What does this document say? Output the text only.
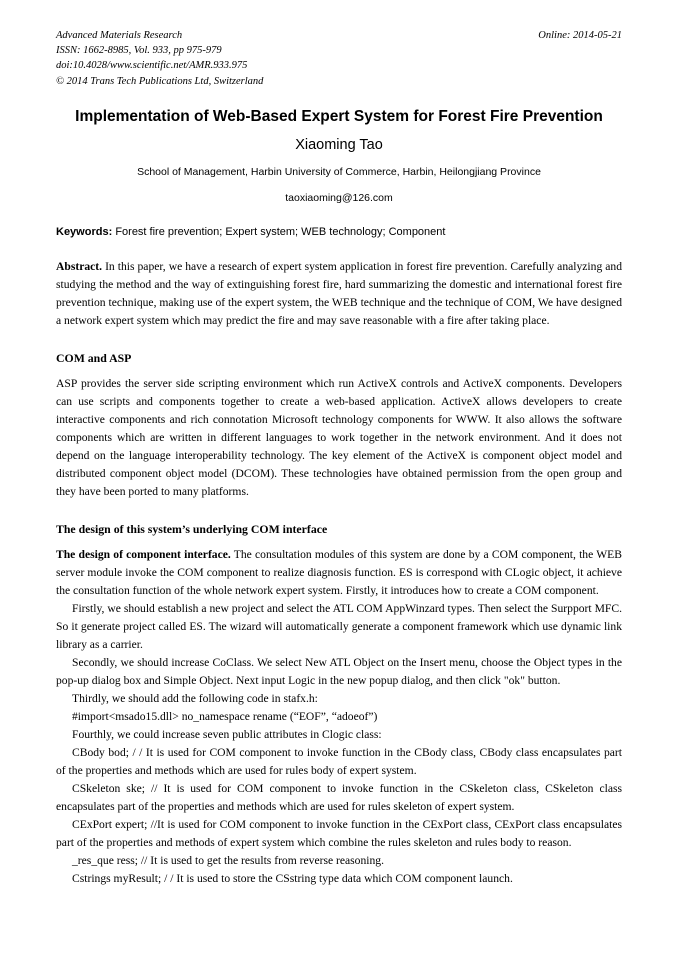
Advanced Materials Research
ISSN: 1662-8985, Vol. 933, pp 975-979
doi:10.4028/www.scientific.net/AMR.933.975
© 2014 Trans Tech Publications Ltd, Switzerland
Online: 2014-05-21
Implementation of Web-Based Expert System for Forest Fire Prevention
Xiaoming Tao
School of Management, Harbin University of Commerce, Harbin, Heilongjiang Province
taoxiaoming@126.com
Keywords: Forest fire prevention; Expert system; WEB technology; Component
Abstract. In this paper, we have a research of expert system application in forest fire prevention. Carefully analyzing and studying the method and the way of extinguishing forest fire, hard summarizing the domestic and international forest fire prevention technique, making use of the expert system, the WEB technique and the technique of COM, We have designed a network expert system which may predict the fire and may save reasonable with a fire after taking place.
COM and ASP

ASP provides the server side scripting environment which run ActiveX controls and ActiveX components. Developers can use scripts and components together to create a web-based application. ActiveX allows developers to create interactive components and rich connotation Microsoft technology components for WWW. It also allows the software components which are written in different languages to work together in the network environment. And it does not depend on the language interoperability technology. The key element of the ActiveX is component object model and distributed component object model (DCOM). These technologies have obtained permission from the open group and they have been ported to many platforms.

The design of this system’s underlying COM interface

The design of component interface. The consultation modules of this system are done by a COM component, the WEB server module invoke the COM component to realize diagnosis function. ES is correspond with CLogic object, it achieve the consultation function of the whole network expert system. Firstly, it introduces how to create a COM component.

Firstly, we should establish a new project and select the ATL COM AppWinzard types. Then select the Surpport MFC. So it generate project called ES. The wizard will automatically generate a component framework which use dynamic link library as a carrier.

Secondly, we should increase CoClass. We select New ATL Object on the Insert menu, choose the Object types in the pop-up dialog box and Simple Object. Next input Logic in the new popup dialog, and then click "ok" button.

Thirdly, we should add the following code in stafx.h:

#import<msado15.dll> no_namespace rename (“EOF”, “adoeof”)

Fourthly, we could increase seven public attributes in Clogic class:

CBody bod; / / It is used for COM component to invoke function in the CBody class, CBody class encapsulates part of the properties and methods which are used for rules body of expert system.

CSkeleton ske; // It is used for COM component to invoke function in the CSkeleton class, CSkeleton class encapsulates part of the properties and methods which are used for rules skeleton of expert system.

CExPort expert; //It is used for COM component to invoke function in the CExPort class, CExPort class encapsulates part of the properties and methods of expert system which combine the rules skeleton and rules body to reason.

_res_que ress; // It is used to get the results from reverse reasoning.

Cstrings myResult; / / It is used to store the CSstring type data which COM component launch.
